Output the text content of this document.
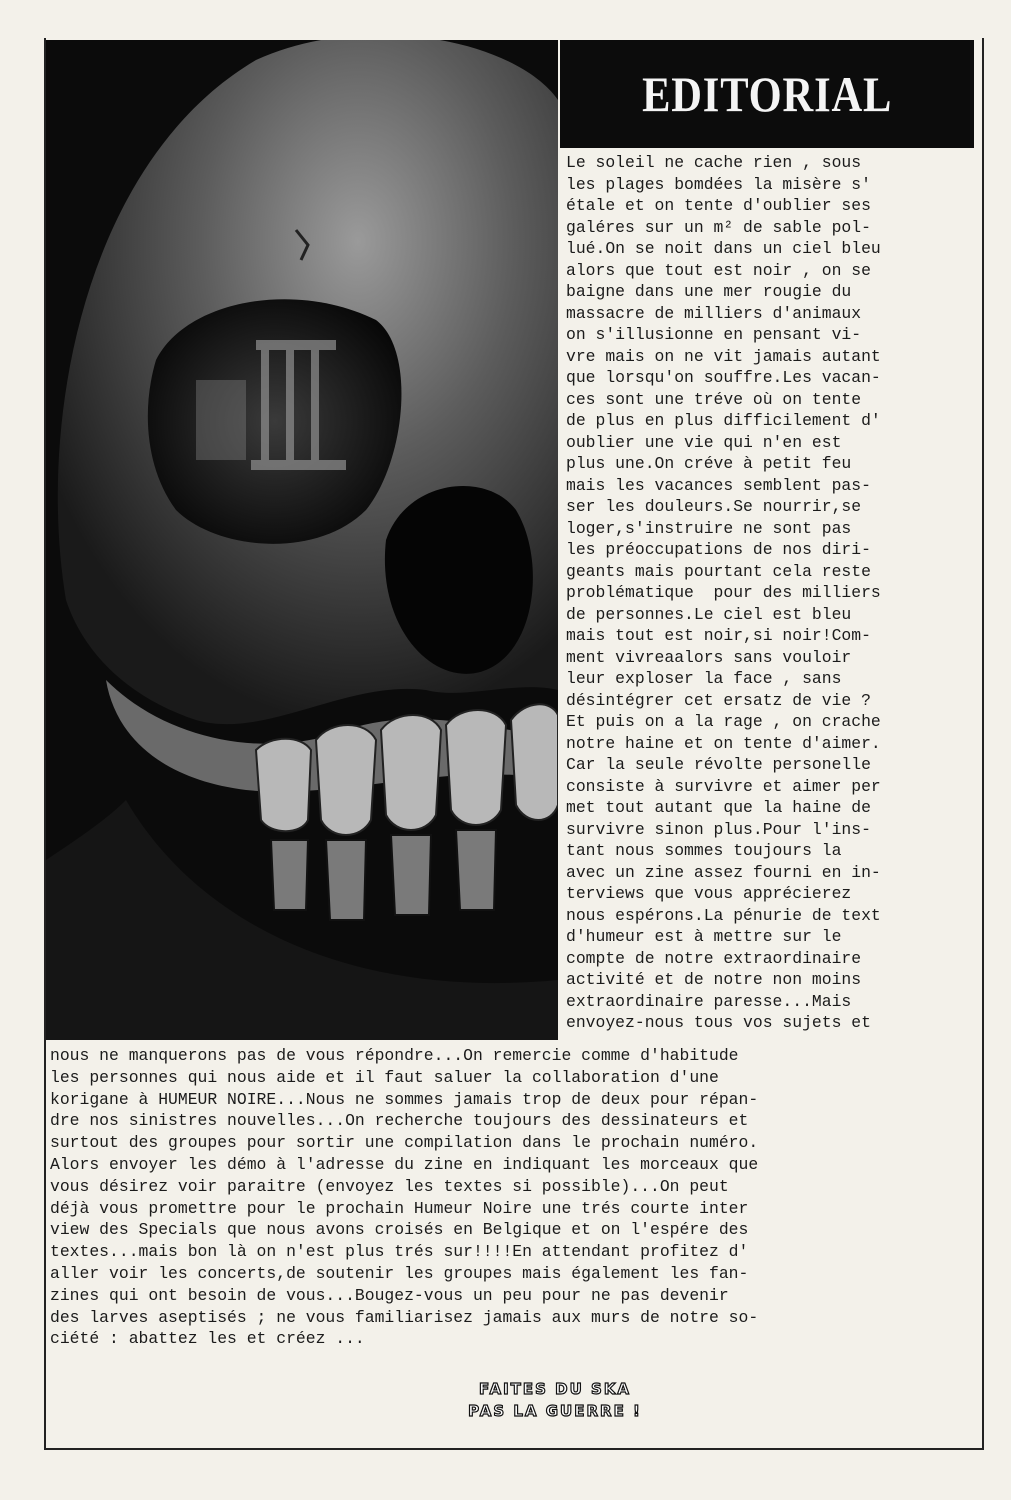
EDITORIAL
Le soleil ne cache rien , sous
les plages bomdées la misère s'
étale et on tente d'oublier ses
galéres sur un m² de sable pol-
lué.On se noit dans un ciel bleu
alors que tout est noir , on se
baigne dans une mer rougie du
massacre de milliers d'animaux
on s'illusionne en pensant vi-
vre mais on ne vit jamais autant
que lorsqu'on souffre.Les vacan-
ces sont une tréve où on tente
de plus en plus difficilement d'
oublier une vie qui n'en est
plus une.On créve à petit feu
mais les vacances semblent pas-
ser les douleurs.Se nourrir,se
loger,s'instruire ne sont pas
les préoccupations de nos diri-
geants mais pourtant cela reste
problématique  pour des milliers
de personnes.Le ciel est bleu
mais tout est noir,si noir!Com-
ment vivreaalors sans vouloir
leur exploser la face , sans
désintégrer cet ersatz de vie ?
Et puis on a la rage , on crache
notre haine et on tente d'aimer.
Car la seule révolte personelle
consiste à survivre et aimer per
met tout autant que la haine de
survivre sinon plus.Pour l'ins-
tant nous sommes toujours la
avec un zine assez fourni en in-
terviews que vous apprécierez
nous espérons.La pénurie de text
d'humeur est à mettre sur le
compte de notre extraordinaire
activité et de notre non moins
extraordinaire paresse...Mais
envoyez-nous tous vos sujets et
nous ne manquerons pas de vous répondre...On remercie comme d'habitude
les personnes qui nous aide et il faut saluer la collaboration d'une
korigane à HUMEUR NOIRE...Nous ne sommes jamais trop de deux pour répan-
dre nos sinistres nouvelles...On recherche toujours des dessinateurs et
surtout des groupes pour sortir une compilation dans le prochain numéro.
Alors envoyer les démo à l'adresse du zine en indiquant les morceaux que
vous désirez voir paraitre (envoyez les textes si possible)...On peut
déjà vous promettre pour le prochain Humeur Noire une trés courte inter
view des Specials que nous avons croisés en Belgique et on l'espére des
textes...mais bon là on n'est plus trés sur!!!!En attendant profitez d'
aller voir les concerts,de soutenir les groupes mais également les fan-
zines qui ont besoin de vous...Bougez-vous un peu pour ne pas devenir
des larves aseptisés ; ne vous familiarisez jamais aux murs de notre so-
ciété : abattez les et créez ...
FAITES DU SKA
PAS LA GUERRE !
